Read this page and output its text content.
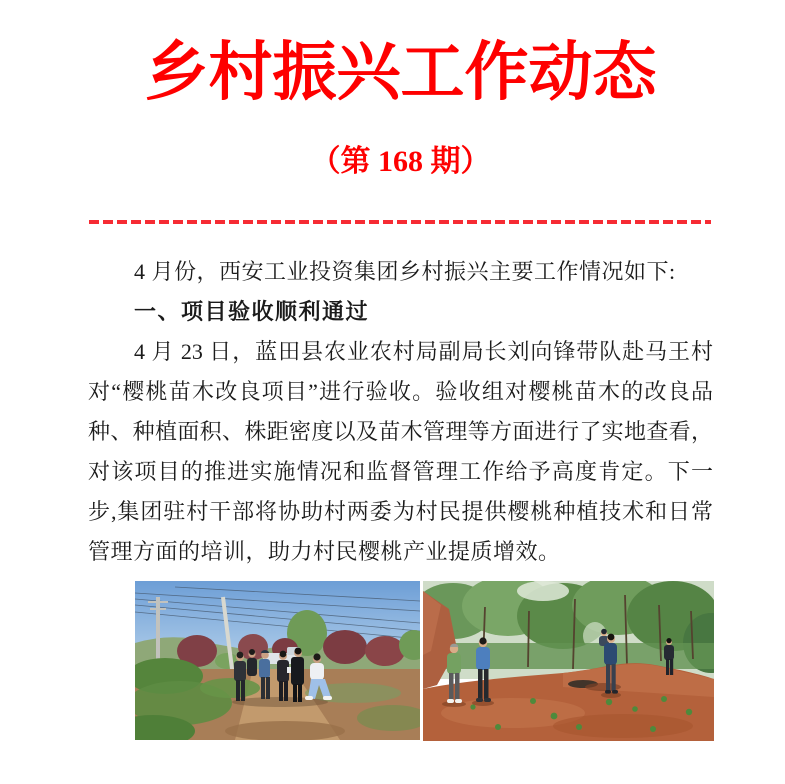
乡村振兴工作动态
（第 168 期）
4 月份，西安工业投资集团乡村振兴主要工作情况如下:
一、项目验收顺利通过
4 月 23 日，蓝田县农业农村局副局长刘向锋带队赴马王村
对“樱桃苗木改良项目”进行验收。验收组对樱桃苗木的改良品
种、种植面积、株距密度以及苗木管理等方面进行了实地查看，
对该项目的推进实施情况和监督管理工作给予高度肯定。下一
步,集团驻村干部将协助村两委为村民提供樱桃种植技术和日常
管理方面的培训，助力村民樱桃产业提质增效。
